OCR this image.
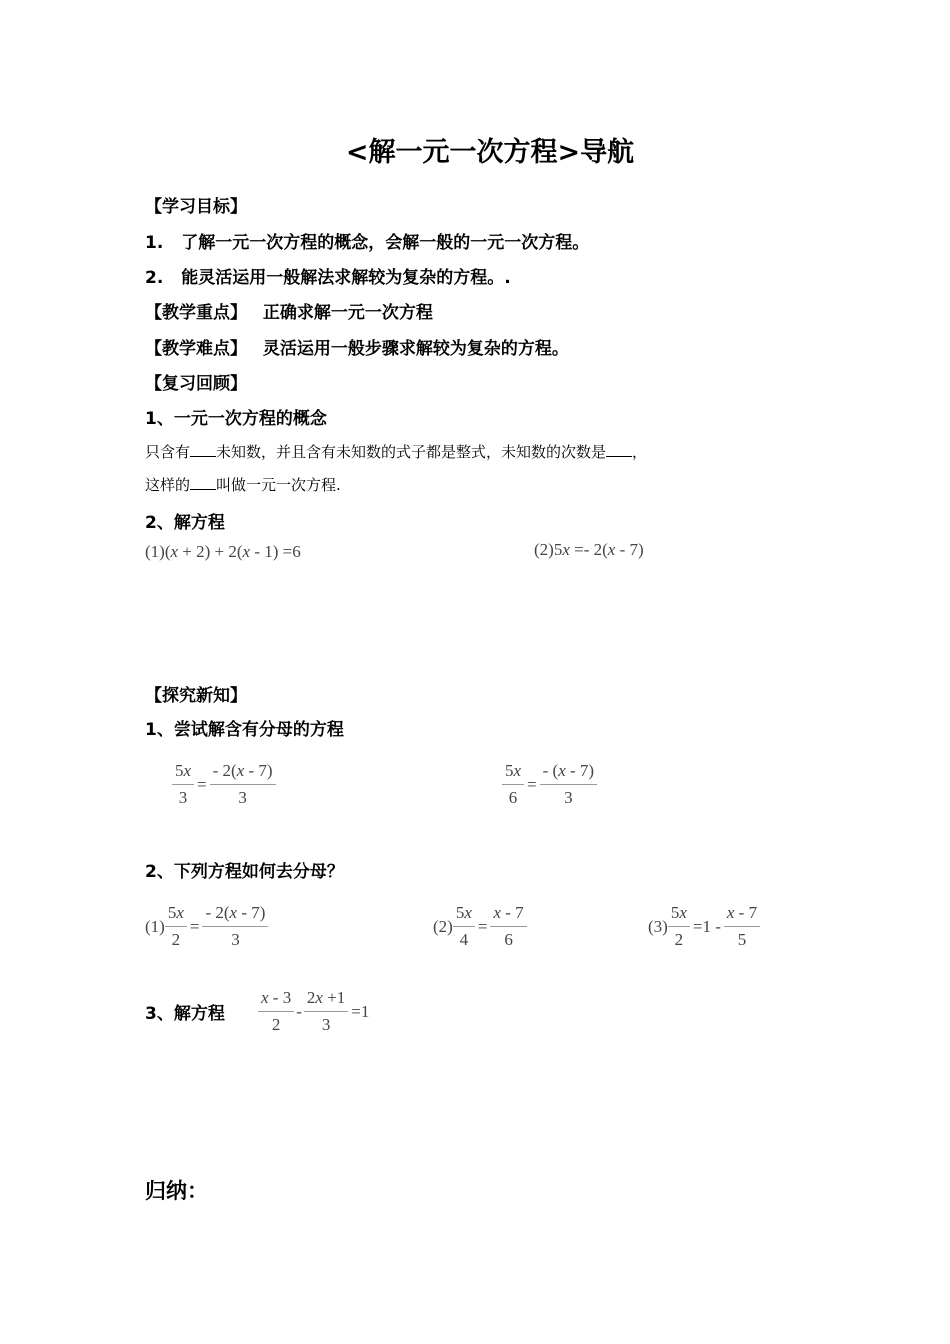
<解一元一次方程>导航
【学习目标】
1. 了解一元一次方程的概念，会解一般的一元一次方程。
2. 能灵活运用一般解法求解较为复杂的方程。.
【教学重点】 正确求解一元一次方程
【教学难点】 灵活运用一般步骤求解较为复杂的方程。
【复习回顾】
1、一元一次方程的概念
只含有 未知数，并且含有未知数的式子都是整式，未知数的次数是 ，
这样的 叫做一元一次方程.
2、解方程
(1)(x + 2) + 2(x - 1) =6	(2)5x =- 2(x - 7)
【探究新知】
1、尝试解含有分母的方程
$\frac{5x}{3} = \frac{- 2(x - 7)}{3}$	$\frac{5x}{6} = \frac{- (x - 7)}{3}$
2、下列方程如何去分母？
$(1) \frac{5x}{2} = \frac{- 2(x - 7)}{3}$	$(2) \frac{5x}{4} = \frac{x - 7}{6}$	$(3) \frac{5x}{2} =1 - \frac{x - 7}{5}$
3、解方程 $\frac{x - 3}{2} - \frac{2x +1}{3} =1$
归纳：
